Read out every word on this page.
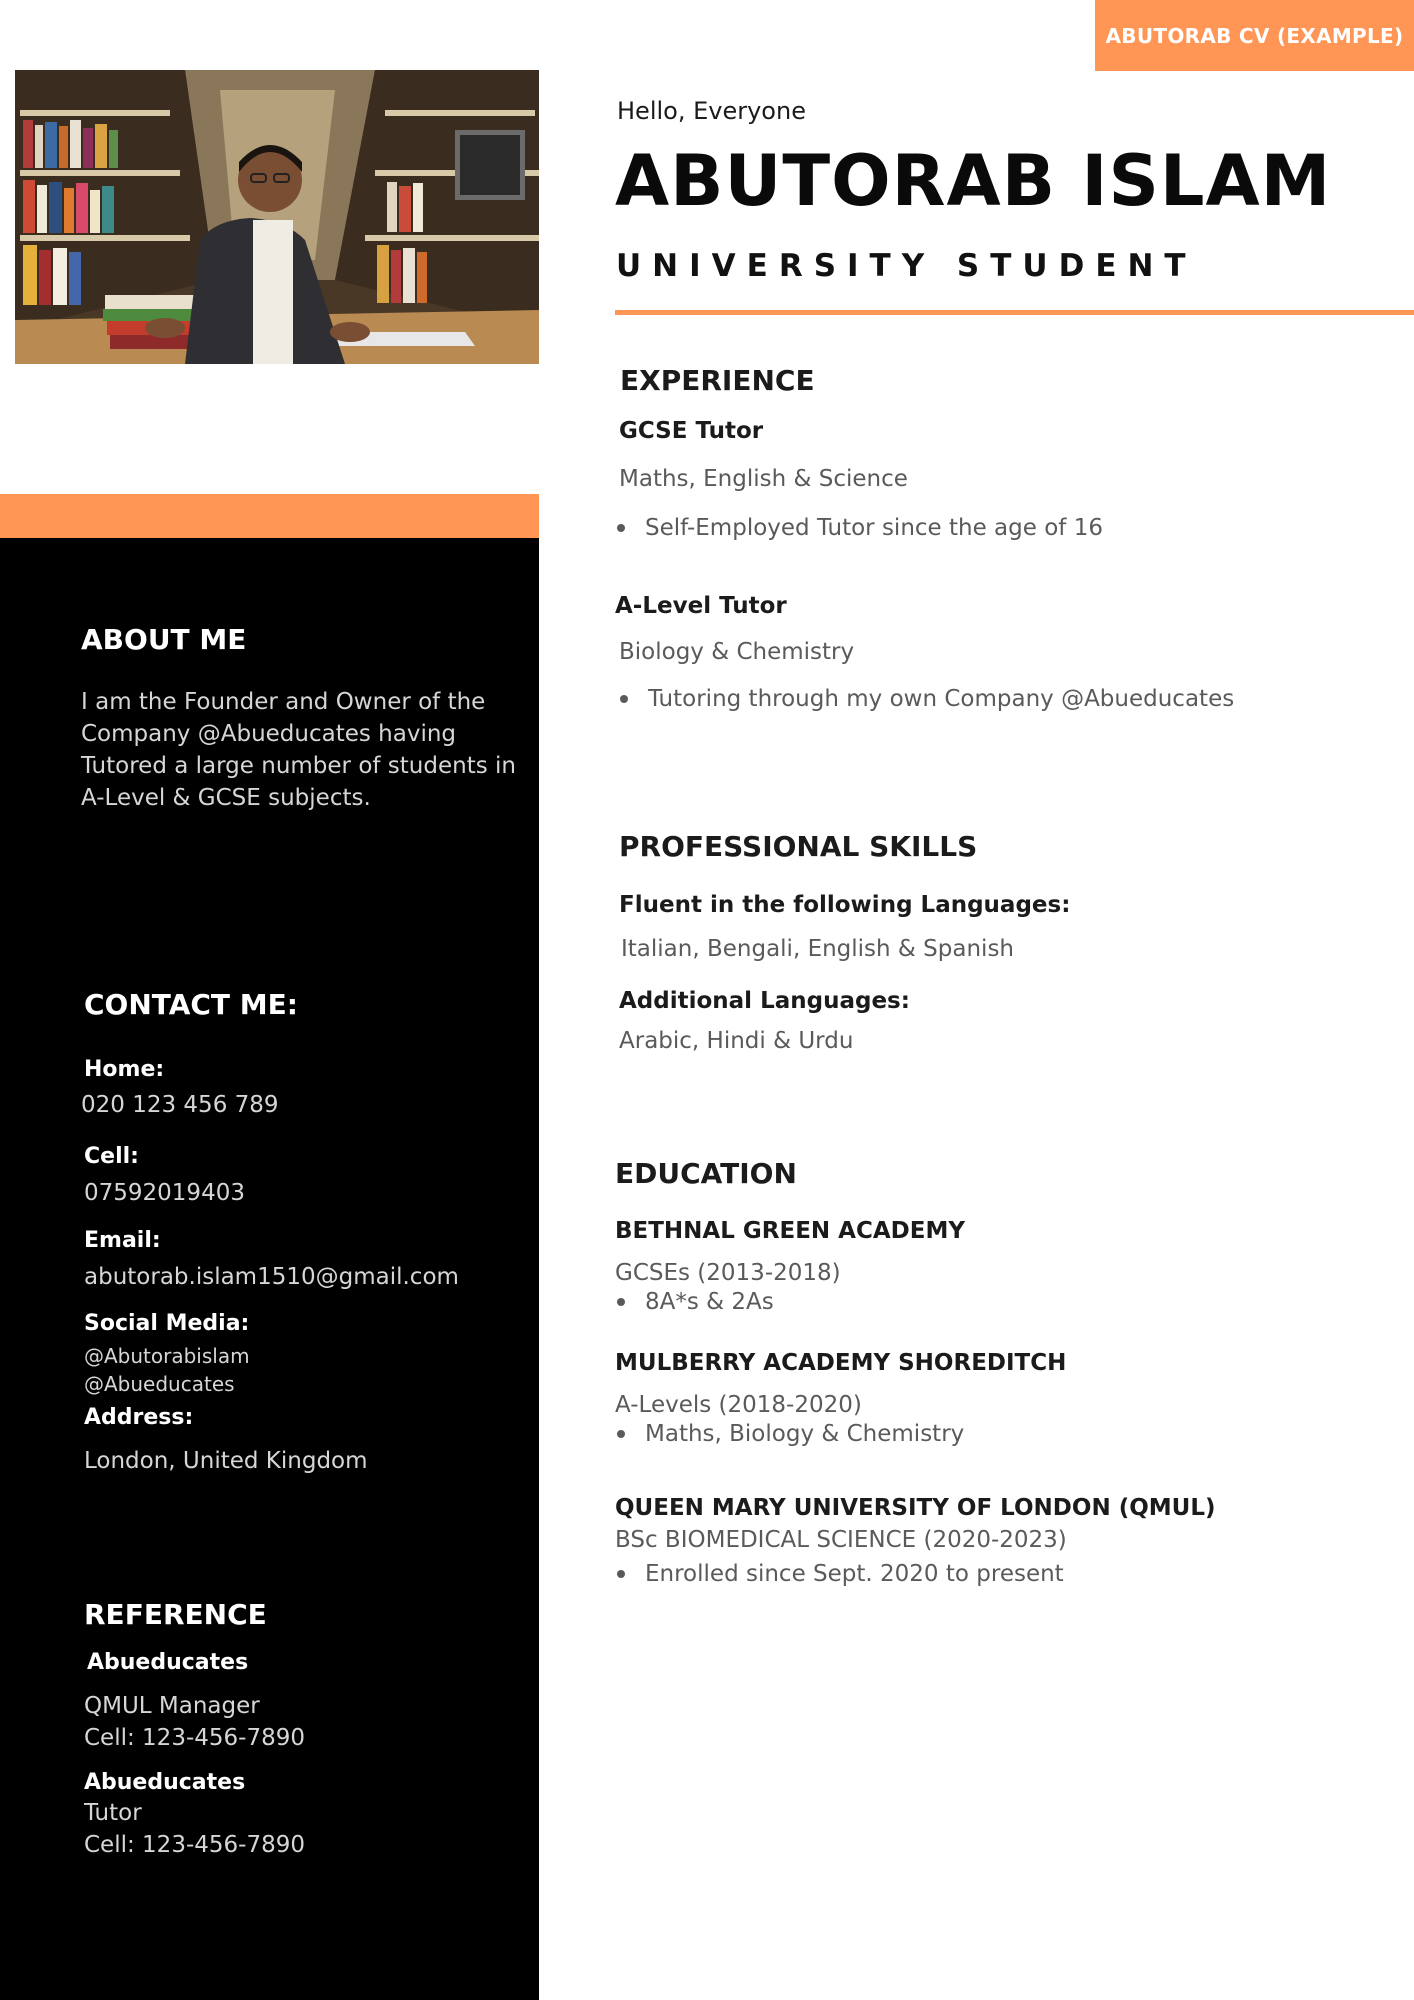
ABUTORAB CV (EXAMPLE)
ABOUT ME
I am the Founder and Owner of the
Company @Abueducates having
Tutored a large number of students in
A-Level & GCSE subjects.
CONTACT ME:
Home:
020 123 456 789
Cell:
07592019403
Email:
abutorab.islam1510@gmail.com
Social Media:
@Abutorabislam
@Abueducates
Address:
London, United Kingdom
REFERENCE
Abueducates
QMUL Manager
Cell: 123-456-7890
Abueducates
Tutor
Cell: 123-456-7890
Hello, Everyone
ABUTORAB ISLAM
UNIVERSITY STUDENT
EXPERIENCE
GCSE Tutor
Maths, English & Science
Self-Employed Tutor since the age of 16
A-Level Tutor
Biology & Chemistry
Tutoring through my own Company @Abueducates
PROFESSIONAL SKILLS
Fluent in the following Languages:
Italian, Bengali, English & Spanish
Additional Languages:
Arabic, Hindi & Urdu
EDUCATION
BETHNAL GREEN ACADEMY
GCSEs (2013-2018)
8A*s & 2As
MULBERRY ACADEMY SHOREDITCH
A-Levels (2018-2020)
Maths, Biology & Chemistry
QUEEN MARY UNIVERSITY OF LONDON (QMUL)
BSc BIOMEDICAL SCIENCE (2020-2023)
Enrolled since Sept. 2020 to present
